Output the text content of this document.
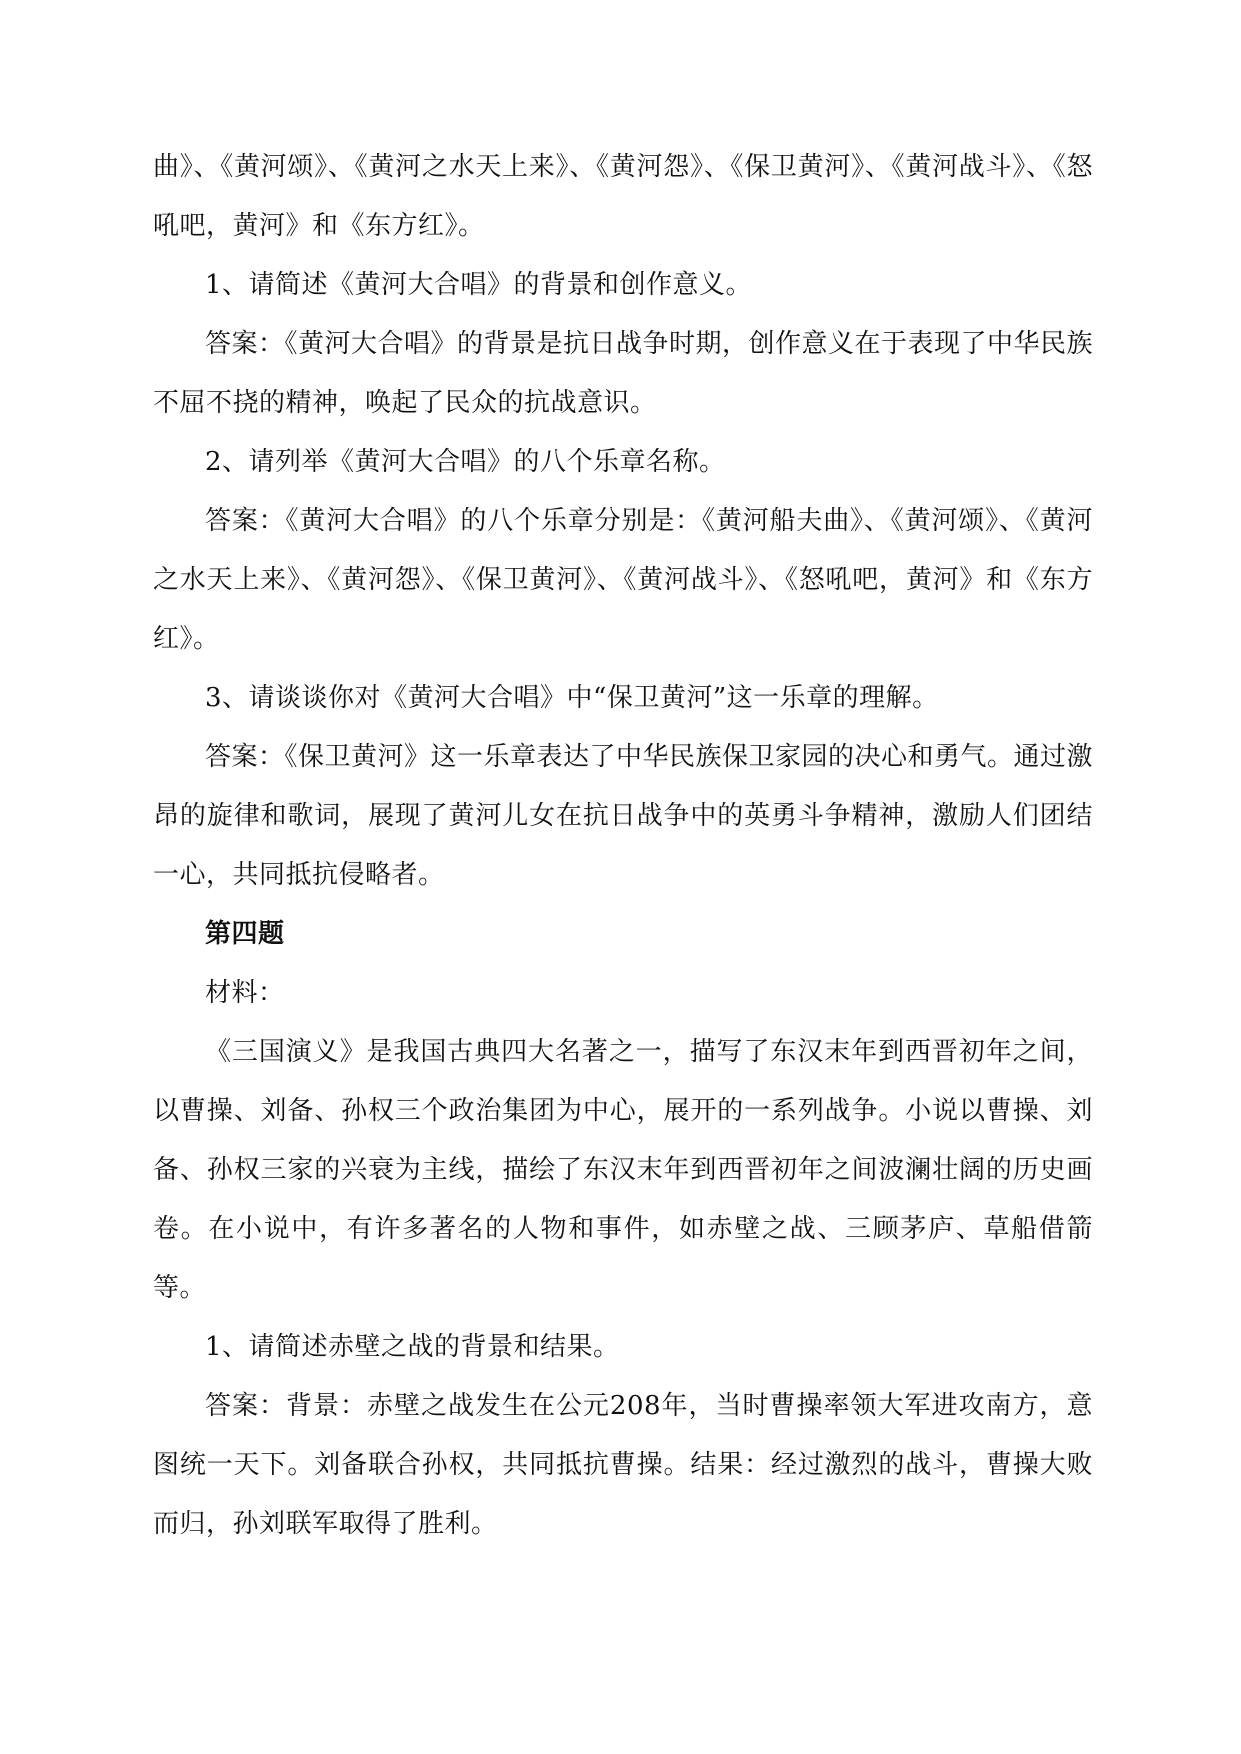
曲》、《黄河颂》、《黄河之水天上来》、《黄河怨》、《保卫黄河》、《黄河战斗》、《怒吼吧，黄河》和《东方红》。

1、请简述《黄河大合唱》的背景和创作意义。

答案：《黄河大合唱》的背景是抗日战争时期，创作意义在于表现了中华民族不屈不挠的精神，唤起了民众的抗战意识。

2、请列举《黄河大合唱》的八个乐章名称。

答案：《黄河大合唱》的八个乐章分别是：《黄河船夫曲》、《黄河颂》、《黄河之水天上来》、《黄河怨》、《保卫黄河》、《黄河战斗》、《怒吼吧，黄河》和《东方红》。

3、请谈谈你对《黄河大合唱》中“保卫黄河”这一乐章的理解。

答案：《保卫黄河》这一乐章表达了中华民族保卫家园的决心和勇气。通过激昂的旋律和歌词，展现了黄河儿女在抗日战争中的英勇斗争精神，激励人们团结一心，共同抵抗侵略者。

第四题

材料：

《三国演义》是我国古典四大名著之一，描写了东汉末年到西晋初年之间，以曹操、刘备、孙权三个政治集团为中心，展开的一系列战争。小说以曹操、刘备、孙权三家的兴衰为主线，描绘了东汉末年到西晋初年之间波澜壮阔的历史画卷。在小说中，有许多著名的人物和事件，如赤壁之战、三顾茅庐、草船借箭等。

1、请简述赤壁之战的背景和结果。

答案：背景：赤壁之战发生在公元208年，当时曹操率领大军进攻南方，意图统一天下。刘备联合孙权，共同抵抗曹操。结果：经过激烈的战斗，曹操大败而归，孙刘联军取得了胜利。
